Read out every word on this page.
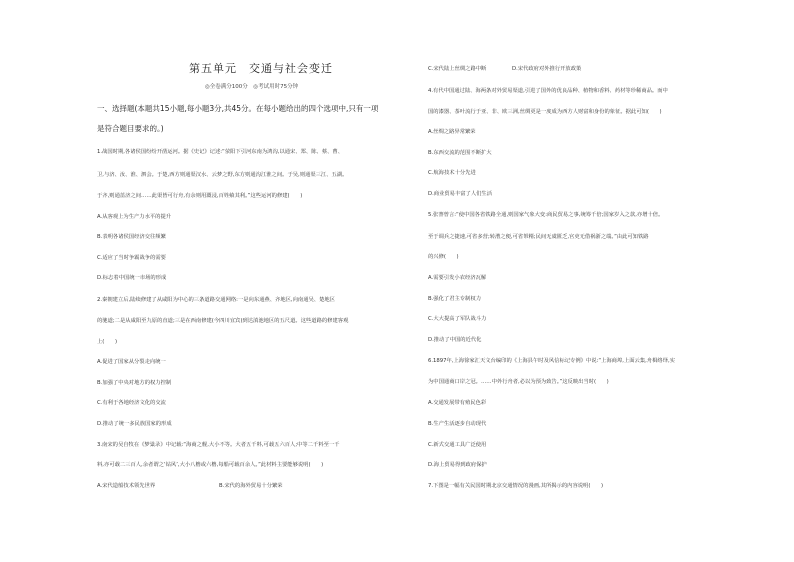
第五单元　交通与社会变迁
◎全卷满分100分　◎考试用时75分钟
一、选择题(本题共15小题,每小题3分,共45分。在每小题给出的四个选项中,只有一项
是符合题目要求的。)
1.战国时期,各诸侯国纷纷开凿运河。据《史记》记述:“荥阳下引河东南为鸿沟,以通宋、郑、陈、蔡、曹、
卫,与济、汝、淮、泗会。于楚,西方则通渠汉水、云梦之野,东方则通沟江淮之间。于吴,则通渠三江、五湖。
于齐,则通菑济之间……此渠皆可行舟,有余则用溉浸,百姓飨其利。”这些运河的修建(　　)
A.从客观上为生产力水平的提升
B.表明各诸侯国经济交往频繁
C.适应了当时争霸战争的需要
D.标志着中国统一市场的形成
2.秦朝建立后,陆续修建了从咸阳为中心的三条道路交通网络:一是向东通燕、齐地区,向南通吴、楚地区
的驰道;二是从咸阳至九原的直道;三是在西南修建(今四川宜宾)到达滇池地区的五尺道。这些道路的修建客观
上(　　)
A.促进了国家从分裂走向统一
B.加强了中央对地方的权力控制
C.有利于各地经济文化的交流
D.推动了统一多民族国家的形成
3.南宋的吴自牧在《梦粱录》中记载:“海商之舰,大小不等。大者五千料,可载五六百人;中等二千料至一千
料,亦可载二三百人,余者谓之‘钻风’,大小八橹或六橹,每船可载百余人。”此材料主要能够说明(　　)
A.宋代造船技术领先世界	B.宋代的海外贸易十分繁荣
C.宋代陆上丝绸之路中断	D.宋代政府对外推行开放政策
4.有代中国通过陆、海两条对外贸易渠道,引进了国外的优良品种、植物和香料、药材等珍稀商品。而中
国的漆器、茶叶流行于亚、非、欧三洲,丝绸更是一度成为西方人财富和身份的象征。据此可知(　　)
A.丝绸之路异常繁荣
B.东西交流的范围不断扩大
C.航海技术十分先进
D.商业贸易丰富了人们生活
5.张謇曾言:“使中国各省铁路全通,则国家气象大变:商民贸易之事,统筹千倍;国家岁入之款,亦增十倍。
至于调兵之捷速,可省多营;转漕之便,可省帑糈;民间无虞匮乏,官吏无借祸浙之端。”由此可知铁路
的兴修(　　)
A.需要引发小农经济瓦解
B.强化了君主专制权力
C.大大提高了军队战斗力
D.推动了中国的近代化
6.1897年,上海徐家汇天文台编印的《上海县午时及风信标记专例》中说:“上海商埠,上面云集,舟楫络绎,实
为中国通商口岸之冠。……中外行舟者,必以为预为致告。”这反映出当时(　　)
A.交通发展带有殖民色彩
B.生产生活逐步自动现代
C.新式交通工具广泛使用
D.海上贸易得到政府保护
7.下图是一幅有关民国时期北京交通情况的漫画,其所揭示的内容说明(　　)
